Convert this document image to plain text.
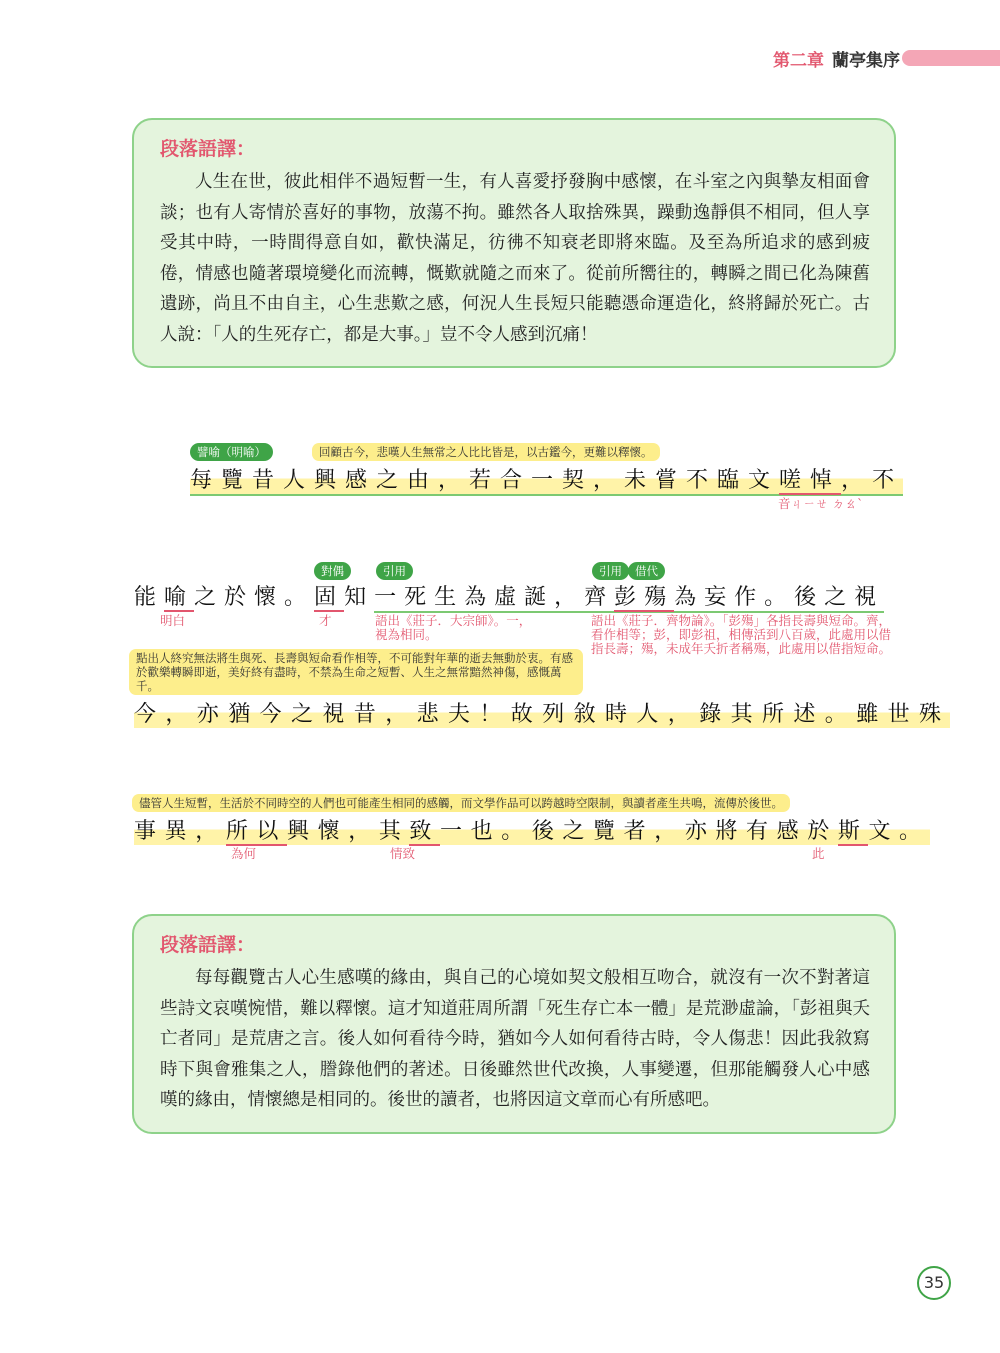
第二章 蘭亭集序
段落語譯：

人生在世，彼此相伴不過短暫一生，有人喜愛抒發胸中感懷，在斗室之內與摯友相面會談；也有人寄情於喜好的事物，放蕩不拘。雖然各人取捨殊異，躁動逸靜俱不相同，但人享受其中時，一時間得意自如，歡快滿足，彷彿不知衰老即將來臨。及至為所追求的感到疲倦，情感也隨著環境變化而流轉，慨歎就隨之而來了。從前所嚮往的，轉瞬之間已化為陳舊遺跡，尚且不由自主，心生悲歎之感，何況人生長短只能聽憑命運造化，終將歸於死亡。古人說：「人的生死存亡，都是大事。」豈不令人感到沉痛！

譬喻（明喻）	回顧古今，悲嘆人生無常之人比比皆是，以古鑑今，更難以釋懷。
每覽昔人興感之由，若合一契，未嘗不臨文嗟悼，不
音ㄐㄧㄝ ㄉㄠˋ
對偶	引用	引用	借代
能喻之於懷。固知一死生為虛誕，齊彭殤為妄作。後之視
明白	才	語出《莊子．大宗師》。一，視為相同。
語出《莊子．齊物論》。「彭殤」各指長壽與短命。齊，看作相等；彭，即彭祖，相傳活到八百歲，此處用以借指長壽；殤，未成年夭折者稱殤，此處用以借指短命。
點出人終究無法將生與死、長壽與短命看作相等，不可能對年華的逝去無動於衷。有感於歡樂轉瞬即逝，美好終有盡時，不禁為生命之短暫、人生之無常黯然神傷，感慨萬千。
今，亦猶今之視昔，悲夫！故列敘時人，錄其所述。雖世殊
儘管人生短暫，生活於不同時空的人們也可能產生相同的感觸，而文學作品可以跨越時空限制，與讀者產生共鳴，流傳於後世。
事異，所以興懷，其致一也。後之覽者，亦將有感於斯文。
為何	情致	此
段落語譯：

每每觀覽古人心生感嘆的緣由，與自己的心境如契文般相互吻合，就沒有一次不對著這些詩文哀嘆惋惜，難以釋懷。這才知道莊周所謂「死生存亡本一體」是荒渺虛論，「彭祖與夭亡者同」是荒唐之言。後人如何看待今時，猶如今人如何看待古時，令人傷悲！因此我敘寫時下與會雅集之人，謄錄他們的著述。日後雖然世代改換，人事變遷，但那能觸發人心中感嘆的緣由，情懷總是相同的。後世的讀者，也將因這文章而心有所感吧。

35
